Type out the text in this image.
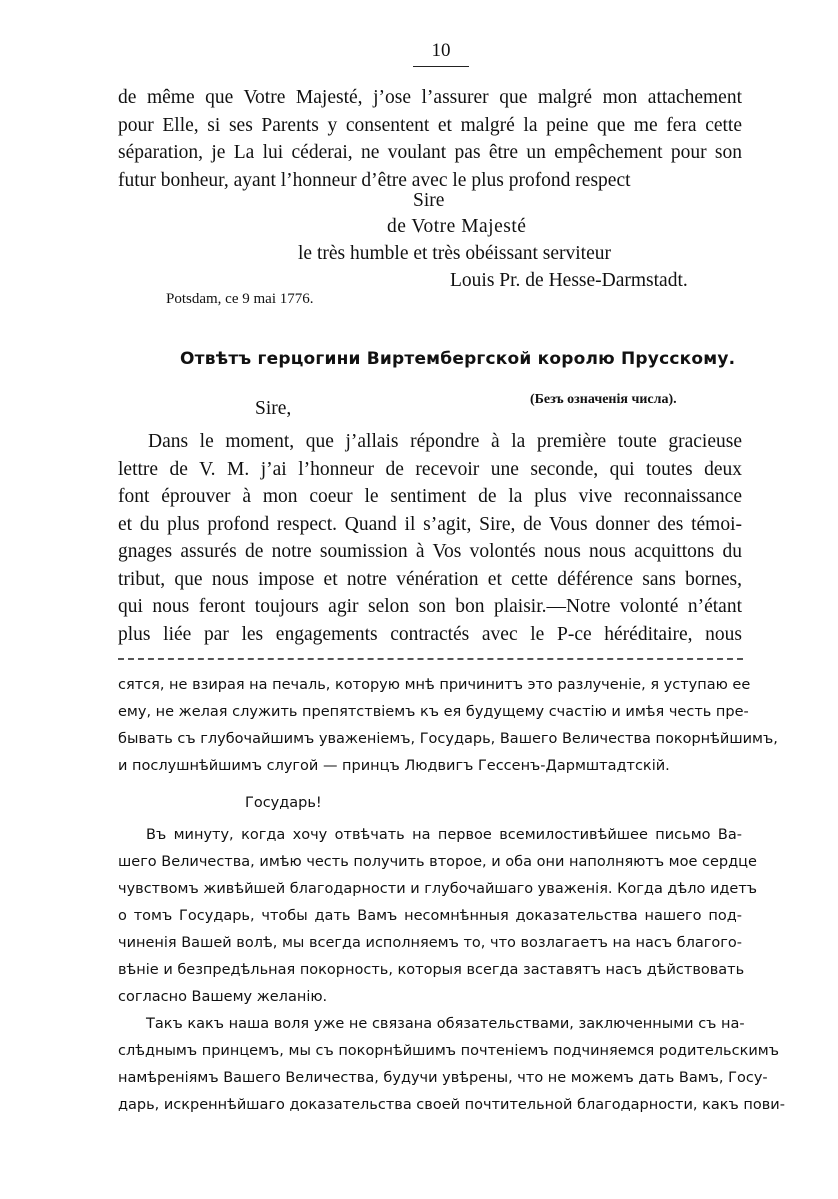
10
de même que Votre Majesté, j’ose l’assurer que malgré mon attachement
pour Elle, si ses Parents y consentent et malgré la peine que me fera cette
séparation, je La lui céderai, ne voulant pas être un empêchement pour son
futur bonheur, ayant l’honneur d’être avec le plus profond respect
Sire
de Votre Majesté
le très humble et très obéissant serviteur
Louis Pr. de Hesse-Darmstadt.
Potsdam, ce 9 mai 1776.
Отвѣтъ герцогини Виртембергской королю Прусскому.
(Безъ означенія числа).
Sire,
Dans le moment, que j’allais répondre à la première toute gracieuse
lettre de V. M. j’ai l’honneur de recevoir une seconde, qui toutes deux
font éprouver à mon coeur le sentiment de la plus vive reconnaissance
et du plus profond respect. Quand il s’agit, Sire, de Vous donner des témoi-
gnages assurés de notre soumission à Vos volontés nous nous acquittons du
tribut, que nous impose et notre vénération et cette déférence sans bornes,
qui nous feront toujours agir selon son bon plaisir.—Notre volonté n’étant
plus liée par les engagements contractés avec le P-ce héréditaire, nous
сятся, не взирая на печаль, которую мнѣ причинитъ это разлученіе, я уступаю ее
ему, не желая служить препятствіемъ къ ея будущему счастію и имѣя честь пре-
бывать съ глубочайшимъ уваженіемъ, Государь, Вашего Величества покорнѣйшимъ,
и послушнѣйшимъ слугой — принцъ Людвигъ Гессенъ-Дармштадтскій.
Государь!
Въ минуту, когда хочу отвѣчать на первое всемилостивѣйшее письмо Ва-
шего Величества, имѣю честь получить второе, и оба они наполняютъ мое сердце
чувствомъ живѣйшей благодарности и глубочайшаго уваженія. Когда дѣло идетъ
о томъ Государь, чтобы дать Вамъ несомнѣнныя доказательства нашего под-
чиненія Вашей волѣ, мы всегда исполняемъ то, что возлагаетъ на насъ благого-
вѣніе и безпредѣльная покорность, которыя всегда заставятъ насъ дѣйствовать
согласно Вашему желанію.
Такъ какъ наша воля уже не связана обязательствами, заключенными съ на-
слѣднымъ принцемъ, мы съ покорнѣйшимъ почтеніемъ подчиняемся родительскимъ
намѣреніямъ Вашего Величества, будучи увѣрены, что не можемъ дать Вамъ, Госу-
дарь, искреннѣйшаго доказательства своей почтительной благодарности, какъ пови-
